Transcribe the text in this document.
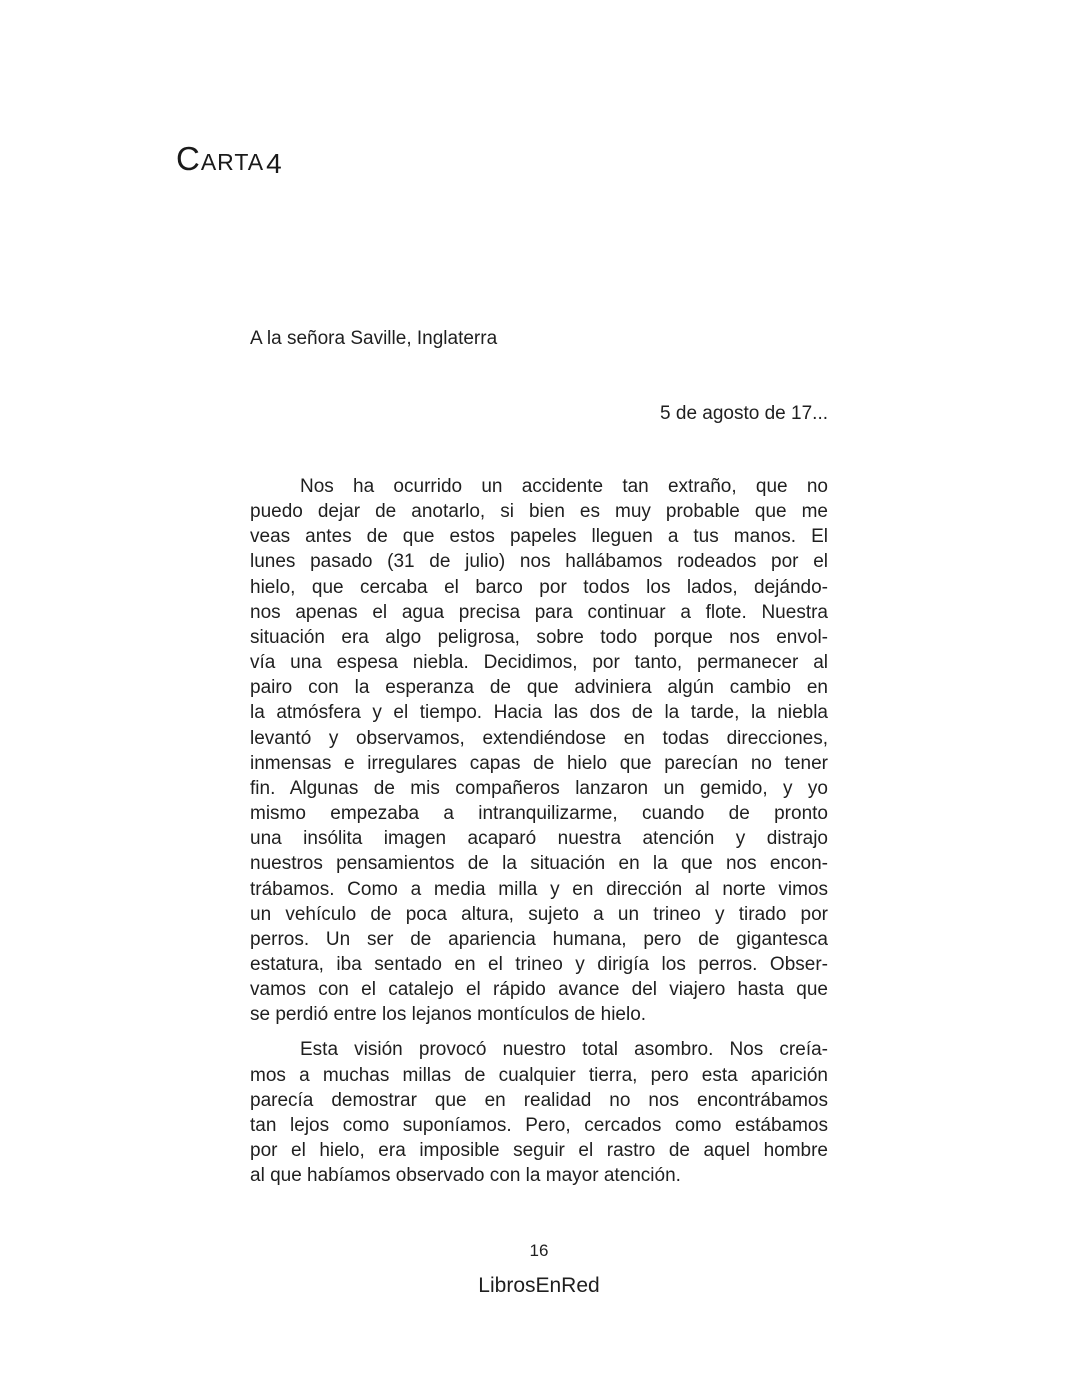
Carta4
A la señora Saville, Inglaterra
5 de agosto de 17...
Nos ha ocurrido un accidente tan extraño, que no
puedo dejar de anotarlo, si bien es muy probable que me
veas antes de que estos papeles lleguen a tus manos. El
lunes pasado (31 de julio) nos hallábamos rodeados por el
hielo, que cercaba el barco por todos los lados, dejándo-
nos apenas el agua precisa para continuar a flote. Nuestra
situación era algo peligrosa, sobre todo porque nos envol-
vía una espesa niebla. Decidimos, por tanto, permanecer al
pairo con la esperanza de que adviniera algún cambio en
la atmósfera y el tiempo. Hacia las dos de la tarde, la niebla
levantó y observamos, extendiéndose en todas direcciones,
inmensas e irregulares capas de hielo que parecían no tener
fin. Algunas de mis compañeros lanzaron un gemido, y yo
mismo empezaba a intranquilizarme, cuando de pronto
una insólita imagen acaparó nuestra atención y distrajo
nuestros pensamientos de la situación en la que nos encon-
trábamos. Como a media milla y en dirección al norte vimos
un vehículo de poca altura, sujeto a un trineo y tirado por
perros. Un ser de apariencia humana, pero de gigantesca
estatura, iba sentado en el trineo y dirigía los perros. Obser-
vamos con el catalejo el rápido avance del viajero hasta que
se perdió entre los lejanos montículos de hielo.
Esta visión provocó nuestro total asombro. Nos creía-
mos a muchas millas de cualquier tierra, pero esta aparición
parecía demostrar que en realidad no nos encontrábamos
tan lejos como suponíamos. Pero, cercados como estábamos
por el hielo, era imposible seguir el rastro de aquel hombre
al que habíamos observado con la mayor atención.
16
LibrosEnRed
